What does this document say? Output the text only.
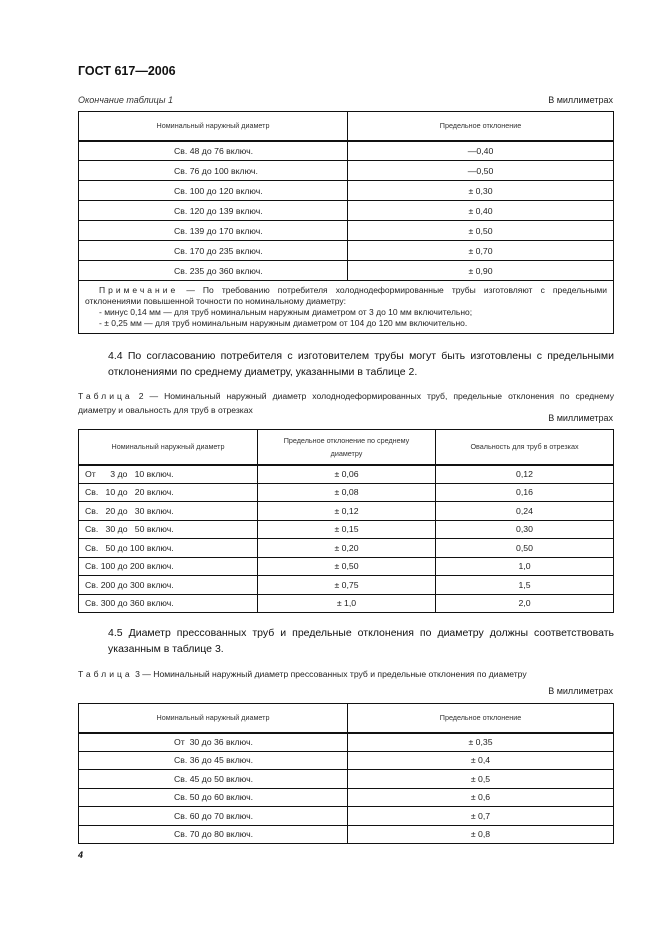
ГОСТ 617—2006
Окончание таблицы 1	В миллиметрах
Номинальный наружный диаметр	Предельное отклонение
Св. 48 до 76 включ.	—0,40
Св. 76 до 100 включ.	—0,50
Св. 100 до 120 включ.	± 0,30
Св. 120 до 139 включ.	± 0,40
Св. 139 до 170 включ.	± 0,50
Св. 170 до 235 включ.	± 0,70
Св. 235 до 360 включ.	± 0,90

Примечание — По требованию потребителя холоднодеформированные трубы изготовляют с предельными отклонениями повышенной точности по номинальному диаметру:

- минус 0,14 мм — для труб номинальным наружным диаметром от 3 до 10 мм включительно;

- ± 0,25 мм — для труб номинальным наружным диаметром от 104 до 120 мм включительно.	

4.4 По согласованию потребителя с изготовителем трубы могут быть изготовлены с предельными отклонениями по среднему диаметру, указанными в таблице 2.
Таблица 2 — Номинальный наружный диаметр холоднодеформированных труб, предельные отклонения по среднему диаметру и овальность для труб в отрезках
В миллиметрах
Номинальный наружный диаметр	Предельное отклонение по среднему диаметру	Овальность для труб в отрезках
От      3 до   10 включ.	± 0,06	0,12
Св.   10 до   20 включ.	± 0,08	0,16
Св.   20 до   30 включ.	± 0,12	0,24
Св.   30 до   50 включ.	± 0,15	0,30
Св.   50 до 100 включ.	± 0,20	0,50
Св. 100 до 200 включ.	± 0,50	1,0
Св. 200 до 300 включ.	± 0,75	1,5
Св. 300 до 360 включ.	± 1,0	2,0
4.5 Диаметр прессованных труб и предельные отклонения по диаметру должны соответствовать указанным в таблице 3.
Таблица 3 — Номинальный наружный диаметр прессованных труб и предельные отклонения по диаметру
В миллиметрах
Номинальный наружный диаметр	Предельное отклонение
От  30 до 36 включ.	± 0,35
Св. 36 до 45 включ.	± 0,4
Св. 45 до 50 включ.	± 0,5
Св. 50 до 60 включ.	± 0,6
Св. 60 до 70 включ.	± 0,7
Св. 70 до 80 включ.	± 0,8
4
